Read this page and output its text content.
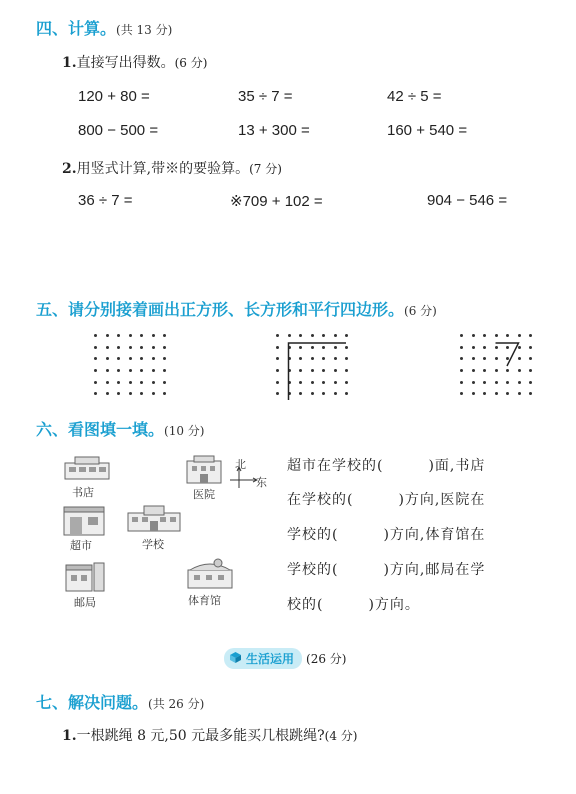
四、计算。(共 13 分)
1.直接写出得数。(6 分)
120 + 80 =	35 ÷ 7 =	42 ÷ 5 =
800 − 500 =	13 + 300 =	160 + 540 =
2.用竖式计算,带※的要验算。(7 分)
36 ÷ 7 =	※709 + 102 =	904 − 546 =
五、请分别接着画出正方形、长方形和平行四边形。(6 分)
六、看图填一填。(10 分)
书店	医院
北
东
超市	学校
邮局	体育馆
超市在学校的(　　　)面,书店
在学校的(　　　)方向,医院在
学校的(　　　)方向,体育馆在
学校的(　　　)方向,邮局在学
校的(　　　)方向。
生活运用	(26 分)
七、解决问题。(共 26 分)
1.一根跳绳 8 元,50 元最多能买几根跳绳?(4 分)
